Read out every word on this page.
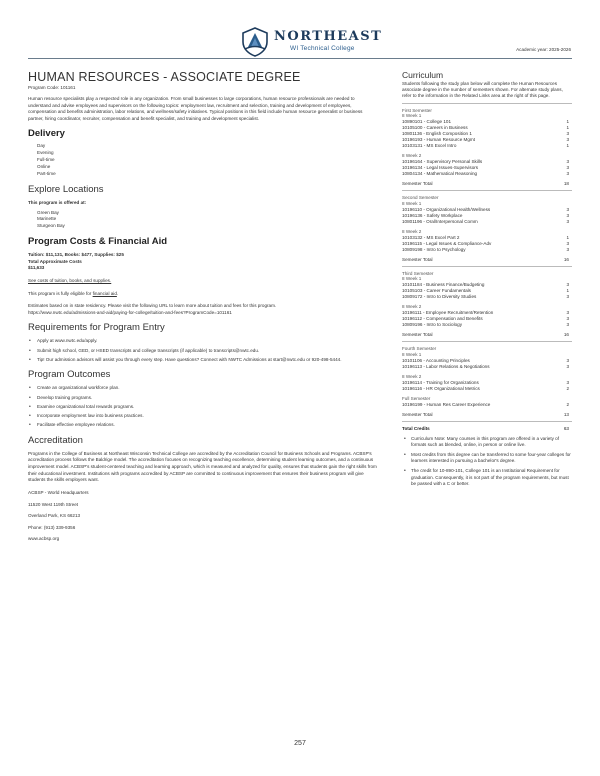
NORTHEAST
WI Technical College	Academic year: 2025-2026
HUMAN RESOURCES - ASSOCIATE DEGREE
Program Code: 101161

Human resource specialists play a respected role in any organization. From small businesses to large corporations, human resource professionals are needed to understand and advise employees and supervisors on the following topics: employment law, recruitment and selection, training and development of employees, compensation and benefits administration, labor relations, and wellness/safety initiatives. Typical positions in this field include human resource generalist or business partner, hiring coordinator, recruiter, compensation and benefit specialist, and training and development specialist.

Delivery
Day
Evening
Full-time
Online
Part-time
Explore Locations

This program is offered at:

Green Bay
Marinette
Sturgeon Bay
Program Costs & Financial Aid

Tuition: $11,131, Books: $477, Supplies: $25

Total Approximate Costs

$11,633

See costs of tuition, books, and supplies.

This program is fully eligible for financial aid.

Estimates based on in state residency. Please visit the following URL to learn more about tuition and fees for this program.

https://www.nwtc.edu/admissions-and-aid/paying-for-college/tuition-and-fees?ProgramCode=101161

Requirements for Program Entry
• Apply at www.nwtc.edu/apply.
• Submit high school, GED, or HSED transcripts and college transcripts (if applicable) to transcripts@nwtc.edu.
• Tip! Our admission advisors will assist you through every step. Have questions? Connect with NWTC Admissions at start@nwtc.edu or 920-498-5444.
Program Outcomes
• Create an organizational workforce plan.
• Develop training programs.
• Examine organizational total rewards programs.
• Incorporate employment law into business practices.
• Facilitate effective employee relations.
Accreditation

Programs in the College of Business at Northeast Wisconsin Technical College are accredited by the Accreditation Council for Business Schools and Programs. ACBSP's accreditation process follows the Baldrige model. The accreditation focuses on recognizing teaching excellence, determining student learning outcomes, and a continuous improvement model. ACBSP's student-centered teaching and learning approach, which is measured and analyzed for quality, ensures that students gain the right skills from their educational investment. Institutions with programs accredited by ACBSP are committed to continuous improvement that ensures their business program will give students the skills employers want.

ACBSP - World Headquarters

11520 West 119th Street

Overland Park, KS 66213

Phone: (913) 339-9356

www.acbsp.org

Curriculum

Students following the study plan below will complete the Human Resources associate degree in the number of semesters shown. For alternate study plans, refer to the information in the Related Links area at the right of this page.

First Semester
8 Week 1
10890101 - College 101	1
10105100 - Careers in Business	1
10801136 - English Composition 1	3
10196193 - Human Resource Mgmt	3
10103131 - MS Excel Intro	1
8 Week 2
10196164 - Supervisory Personal Skills	3
10196134 - Legal Issues-Supervisors	3
10804134 - Mathematical Reasoning	3
Semester Total	18
Second Semester
8 Week 1
10196110 - Organizational Health/Wellness	3
10196136 - Safety Workplace	3
10801196 - Oral/Interpersonal Comm	3
8 Week 2
10103132 - MS Excel Part 2	1
10196115 - Legal Issues & Compliance-Adv	3
10809198 - Intro to Psychology	3
Semester Total	16
Third Semester
8 Week 1
10101184 - Business Finance/Budgeting	3
10105103 - Career Fundamentals	1
10809172 - Intro to Diversity Studies	3
8 Week 2
10196111 - Employee Recruitment/Retention	3
10196112 - Compensation and Benefits	3
10809196 - Intro to Sociology	3
Semester Total	16
Fourth Semester
8 Week 1
10101106 - Accounting Principles	3
10196113 - Labor Relations & Negotiations	3
8 Week 2
10196114 - Training for Organizations	3
10196116 - HR Organizational Metrics	2
Full Semester
10196199 - Human Res Career Experience	2
Semester Total	13
Total Credits	63
• Curriculum Note: Many courses in this program are offered in a variety of formats such as blended, online, in person or online live.
• Most credits from this degree can be transferred to some four-year colleges for learners interested in pursuing a bachelor's degree.
• The credit for 10-890-101, College 101 is an Institutional Requirement for graduation. Consequently, it is not part of the program requirements, but must be passed with a C or better.
257
